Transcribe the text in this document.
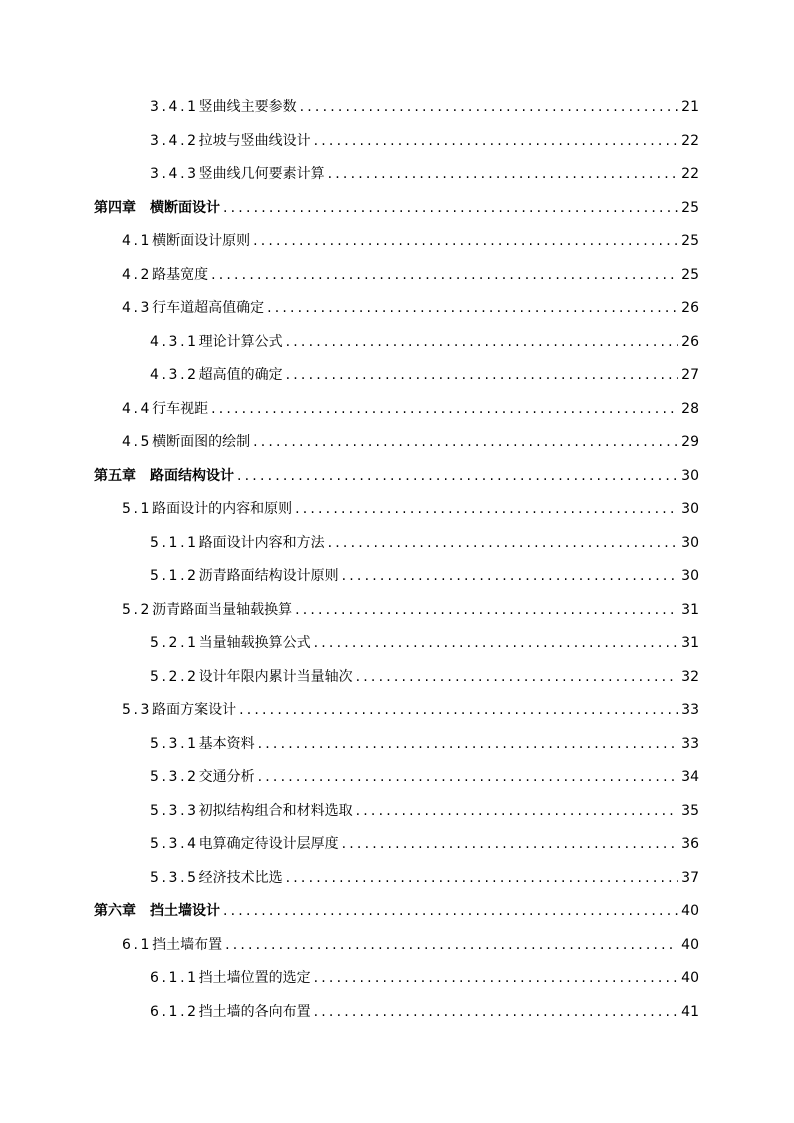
3.4.1 竖曲线主要参数 .....	21
3.4.2 拉坡与竖曲线设计 .....	22
3.4.3 竖曲线几何要素计算 .....	22
第四章 横断面设计 .....	25
4.1 横断面设计原则 .....	25
4.2 路基宽度 .....	25
4.3 行车道超高值确定 .....	26
4.3.1 理论计算公式 .....	26
4.3.2 超高值的确定 .....	27
4.4 行车视距 .....	28
4.5 横断面图的绘制 .....	29
第五章 路面结构设计 .....	30
5.1 路面设计的内容和原则 .....	30
5.1.1 路面设计内容和方法 .....	30
5.1.2 沥青路面结构设计原则 .....	30
5.2 沥青路面当量轴载换算 .....	31
5.2.1 当量轴载换算公式 .....	31
5.2.2 设计年限内累计当量轴次 .....	32
5.3 路面方案设计 .....	33
5.3.1 基本资料 .....	33
5.3.2 交通分析 .....	34
5.3.3 初拟结构组合和材料选取 .....	35
5.3.4 电算确定待设计层厚度 .....	36
5.3.5 经济技术比选 .....	37
第六章 挡土墙设计 .....	40
6.1 挡土墙布置 .....	40
6.1.1 挡土墙位置的选定 .....	40
6.1.2 挡土墙的各向布置 .....	41
